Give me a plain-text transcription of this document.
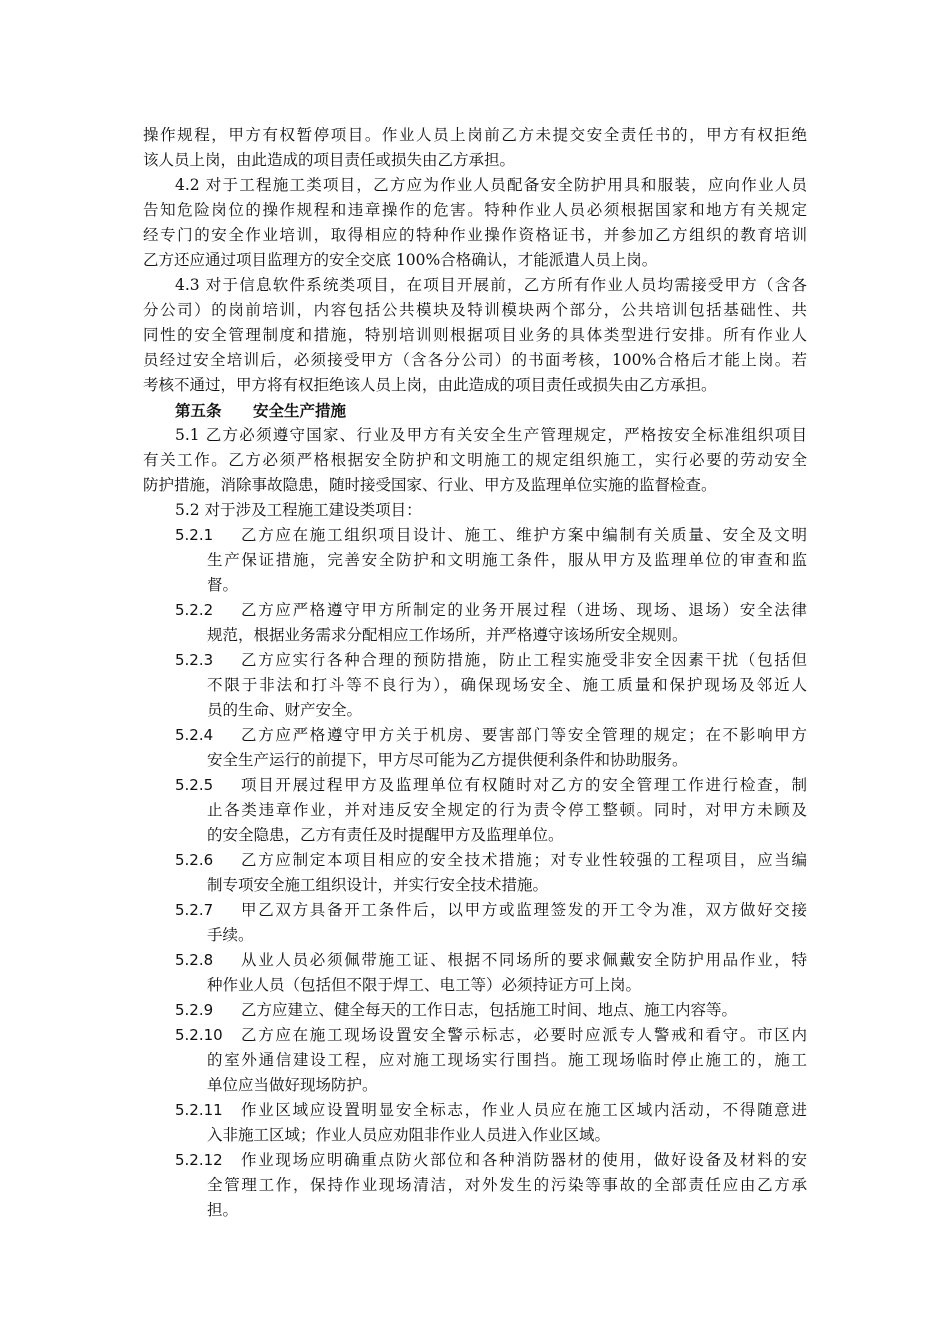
操作规程，甲方有权暂停项目。作业人员上岗前乙方未提交安全责任书的，甲方有权拒绝
该人员上岗，由此造成的项目责任或损失由乙方承担。
4.2 对于工程施工类项目，乙方应为作业人员配备安全防护用具和服装，应向作业人员
告知危险岗位的操作规程和违章操作的危害。特种作业人员必须根据国家和地方有关规定
经专门的安全作业培训，取得相应的特种作业操作资格证书，并参加乙方组织的教育培训
乙方还应通过项目监理方的安全交底 100%合格确认，才能派遣人员上岗。
4.3 对于信息软件系统类项目，在项目开展前，乙方所有作业人员均需接受甲方（含各
分公司）的岗前培训，内容包括公共模块及特训模块两个部分，公共培训包括基础性、共
同性的安全管理制度和措施，特别培训则根据项目业务的具体类型进行安排。所有作业人
员经过安全培训后，必须接受甲方（含各分公司）的书面考核，100%合格后才能上岗。若
考核不通过，甲方将有权拒绝该人员上岗，由此造成的项目责任或损失由乙方承担。
第五条 安全生产措施
5.1 乙方必须遵守国家、行业及甲方有关安全生产管理规定，严格按安全标准组织项目
有关工作。乙方必须严格根据安全防护和文明施工的规定组织施工，实行必要的劳动安全
防护措施，消除事故隐患，随时接受国家、行业、甲方及监理单位实施的监督检查。
5.2 对于涉及工程施工建设类项目：
5.2.1	乙方应在施工组织项目设计、施工、维护方案中编制有关质量、安全及文明
生产保证措施，完善安全防护和文明施工条件，服从甲方及监理单位的审查和监
督。
5.2.2	乙方应严格遵守甲方所制定的业务开展过程（进场、现场、退场）安全法律
规范，根据业务需求分配相应工作场所，并严格遵守该场所安全规则。
5.2.3	乙方应实行各种合理的预防措施，防止工程实施受非安全因素干扰（包括但
不限于非法和打斗等不良行为），确保现场安全、施工质量和保护现场及邻近人
员的生命、财产安全。
5.2.4	乙方应严格遵守甲方关于机房、要害部门等安全管理的规定；在不影响甲方
安全生产运行的前提下，甲方尽可能为乙方提供便利条件和协助服务。
5.2.5	项目开展过程甲方及监理单位有权随时对乙方的安全管理工作进行检查，制
止各类违章作业，并对违反安全规定的行为责令停工整顿。同时，对甲方未顾及
的安全隐患，乙方有责任及时提醒甲方及监理单位。
5.2.6	乙方应制定本项目相应的安全技术措施；对专业性较强的工程项目，应当编
制专项安全施工组织设计，并实行安全技术措施。
5.2.7	甲乙双方具备开工条件后，以甲方或监理签发的开工令为准，双方做好交接
手续。
5.2.8	从业人员必须佩带施工证、根据不同场所的要求佩戴安全防护用品作业，特
种作业人员（包括但不限于焊工、电工等）必须持证方可上岗。
5.2.9	乙方应建立、健全每天的工作日志，包括施工时间、地点、施工内容等。
5.2.10	乙方应在施工现场设置安全警示标志，必要时应派专人警戒和看守。市区内
的室外通信建设工程，应对施工现场实行围挡。施工现场临时停止施工的，施工
单位应当做好现场防护。
5.2.11	作业区域应设置明显安全标志，作业人员应在施工区域内活动，不得随意进
入非施工区域；作业人员应劝阻非作业人员进入作业区域。
5.2.12	作业现场应明确重点防火部位和各种消防器材的使用，做好设备及材料的安
全管理工作，保持作业现场清洁，对外发生的污染等事故的全部责任应由乙方承
担。
